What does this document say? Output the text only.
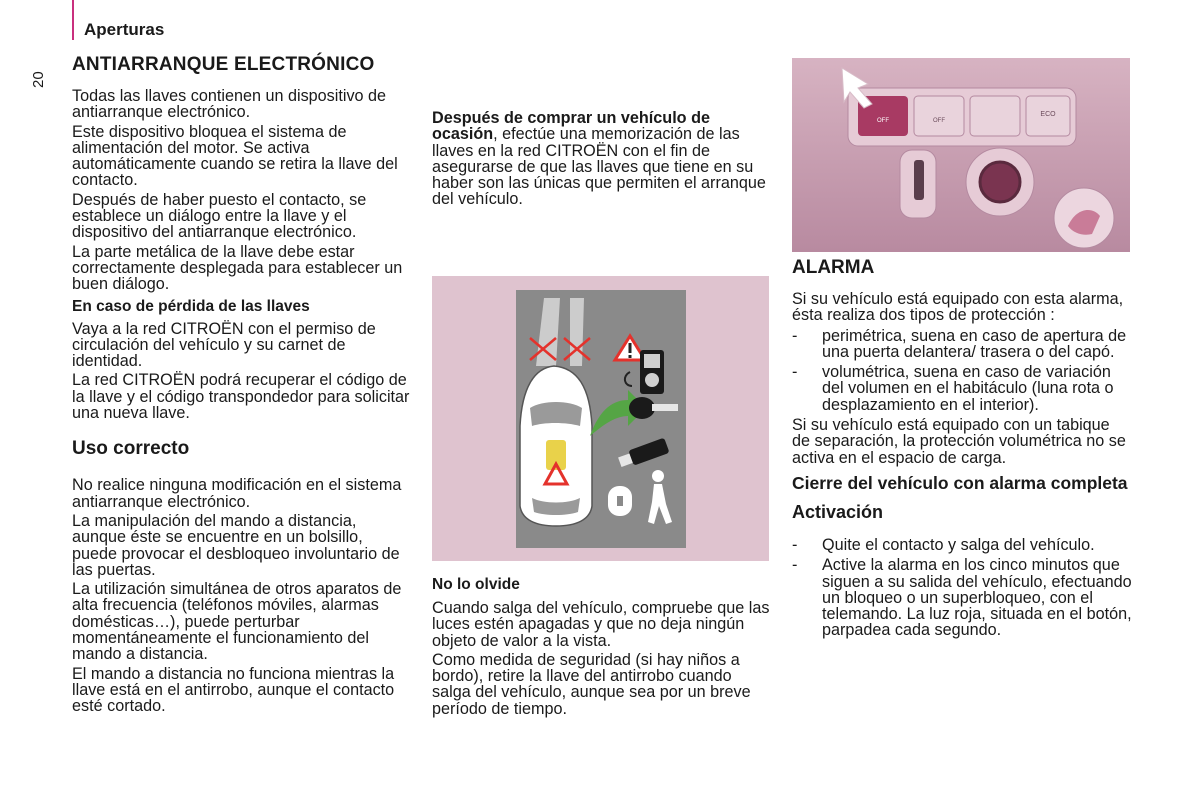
Aperturas
20
ANTIARRANQUE ELECTRÓNICO

Todas las llaves contienen un dispositivo de antiarranque electrónico.

Este dispositivo bloquea el sistema de alimentación del motor. Se activa automáticamente cuando se retira la llave del contacto.

Después de haber puesto el contacto, se establece un diálogo entre la llave y el dispositivo del antiarranque electrónico.

La parte metálica de la llave debe estar correctamente desplegada para establecer un buen diálogo.

En caso de pérdida de las llaves

Vaya a la red CITROËN con el permiso de circulación del vehículo y su carnet de identidad.

La red CITROËN podrá recuperar el código de la llave y el código transpondedor para solicitar una nueva llave.

Uso correcto

No realice ninguna modificación en el sistema antiarranque electrónico.

La manipulación del mando a distancia, aunque éste se encuentre en un bolsillo, puede provocar el desbloqueo involuntario de las puertas.

La utilización simultánea de otros aparatos de alta frecuencia (teléfonos móviles, alarmas domésticas…), puede perturbar momentáneamente el funcionamiento del mando a distancia.

El mando a distancia no funciona mientras la llave está en el antirrobo, aunque el contacto esté cortado.

Después de comprar un vehículo de ocasión, efectúe una memorización de las llaves en la red CITROËN con el fin de asegurarse de que las llaves que tiene en su haber son las únicas que permiten el arranque del vehículo.

No lo olvide

Cuando salga del vehículo, compruebe que las luces estén apagadas y que no deja ningún objeto de valor a la vista.

Como medida de seguridad (si hay niños a bordo), retire la llave del antirrobo cuando salga del vehículo, aunque sea por un breve período de tiempo.

OFF	OFF
ECO
ALARMA

Si su vehículo está equipado con esta alarma, ésta realiza dos tipos de protección :

- perimétrica, suena en caso de apertura de una puerta delantera/ trasera o del capó.
- volumétrica, suena en caso de variación del volumen en el habitáculo (luna rota o desplazamiento en el interior).

Si su vehículo está equipado con un tabique de separación, la protección volumétrica no se activa en el espacio de carga.

Cierre del vehículo con alarma completa
Activación
- Quite el contacto y salga del vehículo.
- Active la alarma en los cinco minutos que siguen a su salida del vehículo, efectuando un bloqueo o un superbloqueo, con el telemando. La luz roja, situada en el botón, parpadea cada segundo.
